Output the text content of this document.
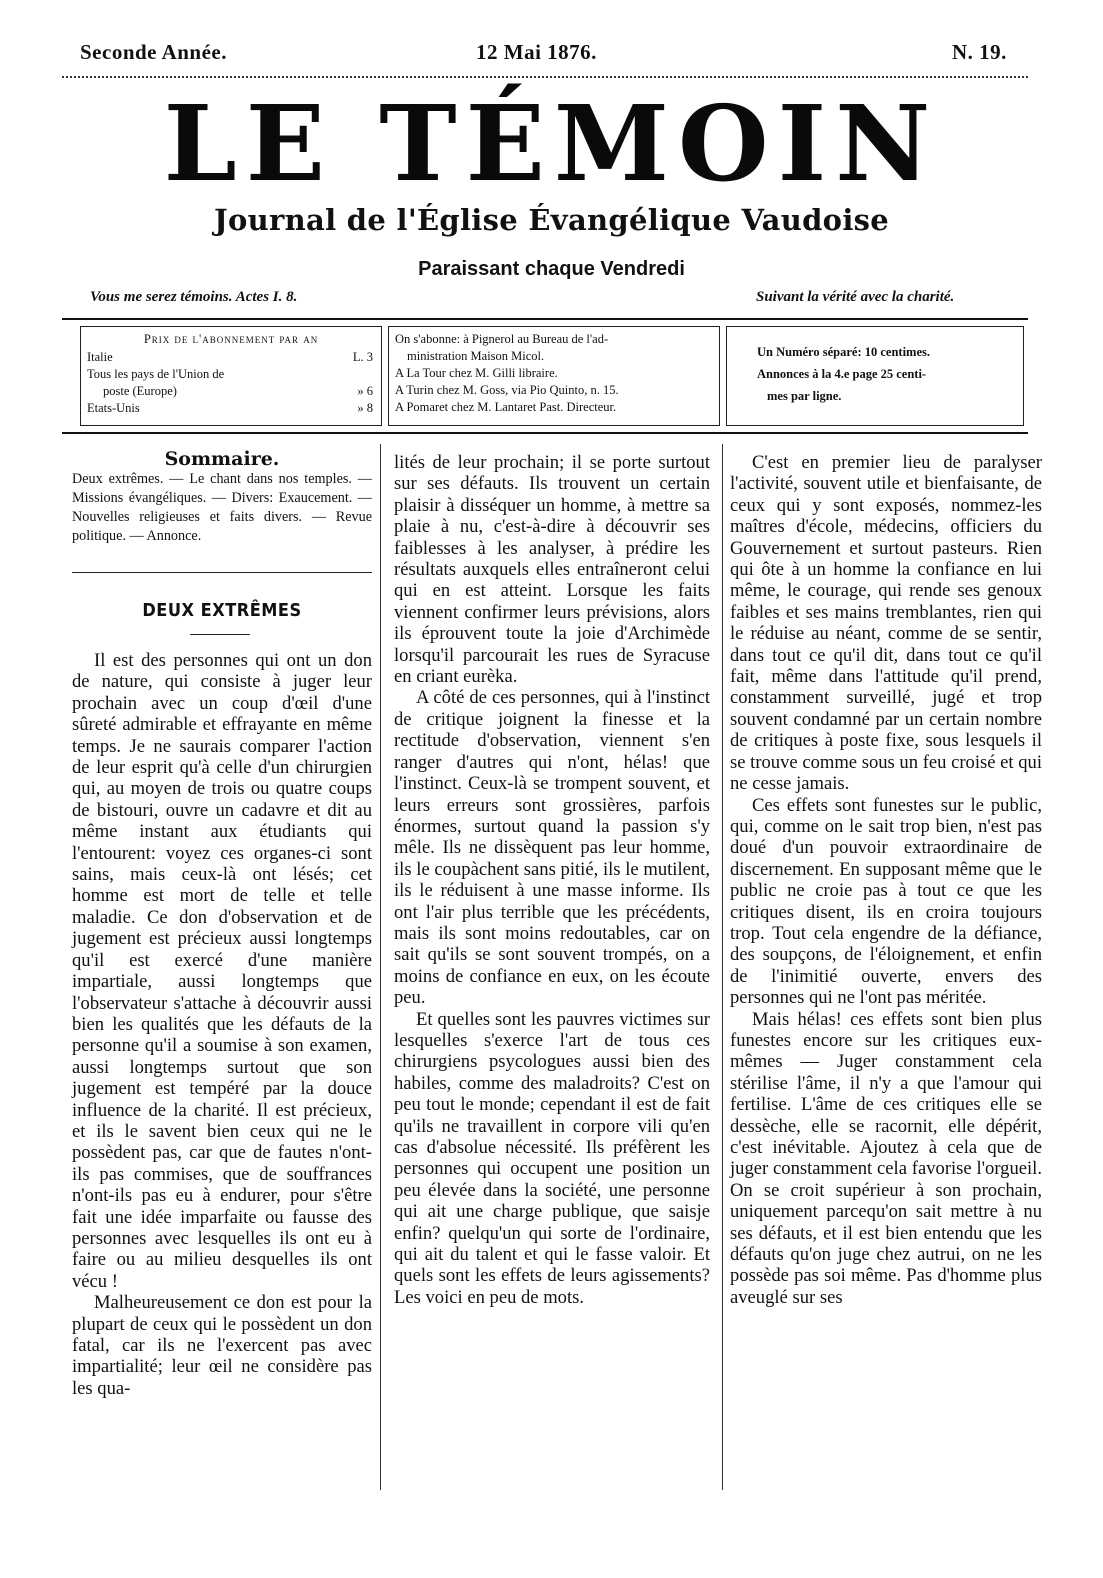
Seconde Année.	12 Mai 1876.	N. 19.
LE TÉMOIN
Journal de l'Église Évangélique Vaudoise
Paraissant chaque Vendredi
Vous me serez témoins. Actes I. 8.	Suivant la vérité avec la charité.
Prix de l'abonnement par an
Italie	L. 3
Tous les pays de l'Union de
poste (Europe)	» 6
Etats-Unis	» 8
On s'abonne: à Pignerol au Bureau de l'ad-
ministration Maison Micol.
A La Tour chez M. Gilli libraire.
A Turin chez M. Goss, via Pio Quinto, n. 15.
A Pomaret chez M. Lantaret Past. Directeur.
Un Numéro séparé: 10 centimes.
Annonces à la 4.e page 25 centi-
mes par ligne.
Sommaire.
Deux extrêmes. — Le chant dans nos temples. — Missions évangéliques. — Divers: Exaucement. — Nouvelles religieuses et faits divers. — Revue politique. — Annonce.
DEUX EXTRÊMES

Il est des personnes qui ont un don de nature, qui consiste à juger leur prochain avec un coup d'œil d'une sûreté admirable et effrayante en même temps. Je ne saurais comparer l'action de leur esprit qu'à celle d'un chirurgien qui, au moyen de trois ou quatre coups de bistouri, ouvre un cadavre et dit au même instant aux étudiants qui l'entourent: voyez ces organes-ci sont sains, mais ceux-là ont lésés; cet homme est mort de telle et telle maladie. Ce don d'observation et de jugement est précieux aussi longtemps qu'il est exercé d'une manière impartiale, aussi longtemps que l'observateur s'attache à découvrir aussi bien les qualités que les défauts de la personne qu'il a soumise à son examen, aussi longtemps surtout que son jugement est tempéré par la douce influence de la charité. Il est précieux, et ils le savent bien ceux qui ne le possèdent pas, car que de fautes n'ont-ils pas commises, que de souffrances n'ont-ils pas eu à endurer, pour s'être fait une idée imparfaite ou fausse des personnes avec lesquelles ils ont eu à faire ou au milieu desquelles ils ont vécu !

Malheureusement ce don est pour la plupart de ceux qui le possèdent un don fatal, car ils ne l'exercent pas avec impartialité; leur œil ne considère pas les qua-

lités de leur prochain; il se porte surtout sur ses défauts. Ils trouvent un certain plaisir à disséquer un homme, à mettre sa plaie à nu, c'est-à-dire à découvrir ses faiblesses à les analyser, à prédire les résultats auxquels elles entraîneront celui qui en est atteint. Lorsque les faits viennent confirmer leurs prévisions, alors ils éprouvent toute la joie d'Archimède lorsqu'il parcourait les rues de Syracuse en criant eurèka.

A côté de ces personnes, qui à l'instinct de critique joignent la finesse et la rectitude d'observation, viennent s'en ranger d'autres qui n'ont, hélas! que l'instinct. Ceux-là se trompent souvent, et leurs erreurs sont grossières, parfois énormes, surtout quand la passion s'y mêle. Ils ne dissèquent pas leur homme, ils le coupàchent sans pitié, ils le mutilent, ils le réduisent à une masse informe. Ils ont l'air plus terrible que les précédents, mais ils sont moins redoutables, car on sait qu'ils se sont souvent trompés, on a moins de confiance en eux, on les écoute peu.

Et quelles sont les pauvres victimes sur lesquelles s'exerce l'art de tous ces chirurgiens psycologues aussi bien des habiles, comme des maladroits? C'est on peu tout le monde; cependant il est de fait qu'ils ne travaillent in corpore vili qu'en cas d'absolue nécessité. Ils préfèrent les personnes qui occupent une position un peu élevée dans la société, une personne qui ait une charge publique, que saisje enfin? quelqu'un qui sorte de l'ordinaire, qui ait du talent et qui le fasse valoir. Et quels sont les effets de leurs agissements? Les voici en peu de mots.

C'est en premier lieu de paralyser l'activité, souvent utile et bienfaisante, de ceux qui y sont exposés, nommez-les maîtres d'école, médecins, officiers du Gouvernement et surtout pasteurs. Rien qui ôte à un homme la confiance en lui même, le courage, qui rende ses genoux faibles et ses mains tremblantes, rien qui le réduise au néant, comme de se sentir, dans tout ce qu'il dit, dans tout ce qu'il fait, même dans l'attitude qu'il prend, constamment surveillé, jugé et trop souvent condamné par un certain nombre de critiques à poste fixe, sous lesquels il se trouve comme sous un feu croisé et qui ne cesse jamais.

Ces effets sont funestes sur le public, qui, comme on le sait trop bien, n'est pas doué d'un pouvoir extraordinaire de discernement. En supposant même que le public ne croie pas à tout ce que les critiques disent, ils en croira toujours trop. Tout cela engendre de la défiance, des soupçons, de l'éloignement, et enfin de l'inimitié ouverte, envers des personnes qui ne l'ont pas méritée.

Mais hélas! ces effets sont bien plus funestes encore sur les critiques eux-mêmes — Juger constamment cela stérilise l'âme, il n'y a que l'amour qui fertilise. L'âme de ces critiques elle se dessèche, elle se racornit, elle dépérit, c'est inévitable. Ajoutez à cela que de juger constamment cela favorise l'orgueil. On se croit supérieur à son prochain, uniquement parcequ'on sait mettre à nu ses défauts, et il est bien entendu que les défauts qu'on juge chez autrui, on ne les possède pas soi même. Pas d'homme plus aveuglé sur ses
